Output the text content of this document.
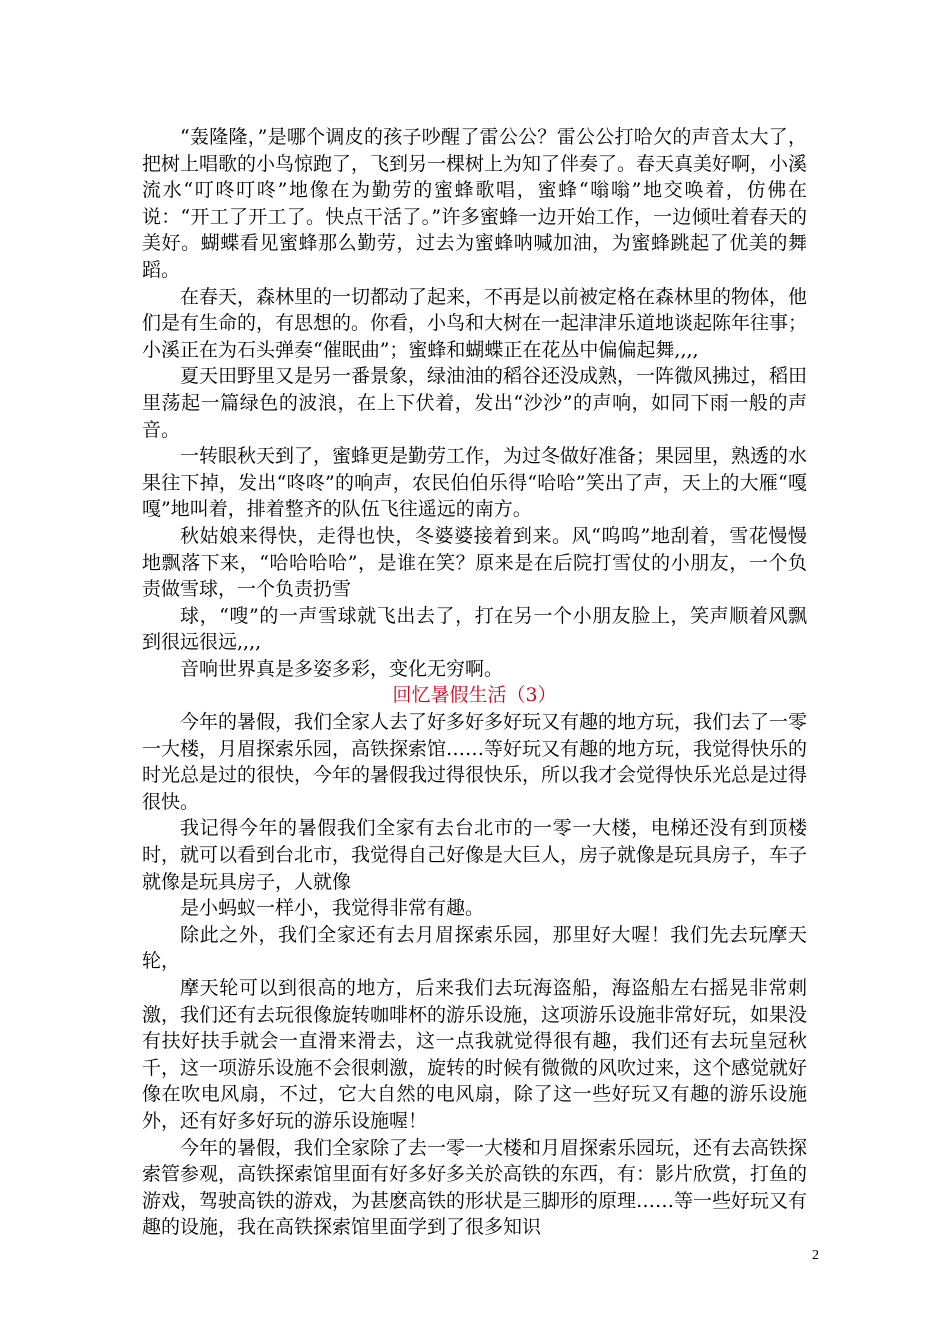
“轰隆隆，”是哪个调皮的孩子吵醒了雷公公？雷公公打哈欠的声音太大了，把树上唱歌的小鸟惊跑了，飞到另一棵树上为知了伴奏了。春天真美好啊，小溪流水“叮咚叮咚”地像在为勤劳的蜜蜂歌唱，蜜蜂“嗡嗡”地交唤着，仿佛在说：“开工了开工了。快点干活了。”许多蜜蜂一边开始工作，一边倾吐着春天的美好。蝴蝶看见蜜蜂那么勤劳，过去为蜜蜂呐喊加油，为蜜蜂跳起了优美的舞蹈。

在春天，森林里的一切都动了起来，不再是以前被定格在森林里的物体，他们是有生命的，有思想的。你看，小鸟和大树在一起津津乐道地谈起陈年往事；小溪正在为石头弹奏“催眠曲”；蜜蜂和蝴蝶正在花丛中偏偏起舞,,,,

夏天田野里又是另一番景象，绿油油的稻谷还没成熟，一阵微风拂过，稻田里荡起一篇绿色的波浪，在上下伏着，发出“沙沙”的声响，如同下雨一般的声音。

一转眼秋天到了，蜜蜂更是勤劳工作，为过冬做好准备；果园里，熟透的水果往下掉，发出“咚咚”的响声，农民伯伯乐得“哈哈”笑出了声，天上的大雁“嘎嘎”地叫着，排着整齐的队伍飞往遥远的南方。

秋姑娘来得快，走得也快，冬婆婆接着到来。风“呜呜”地刮着，雪花慢慢地飘落下来，“哈哈哈哈”，是谁在笑？原来是在后院打雪仗的小朋友，一个负责做雪球，一个负责扔雪

球，“嗖”的一声雪球就飞出去了，打在另一个小朋友脸上，笑声顺着风飘到很远很远,,,,

音响世界真是多姿多彩，变化无穷啊。

回忆暑假生活（3）

今年的暑假，我们全家人去了好多好多好玩又有趣的地方玩，我们去了一零一大楼，月眉探索乐园，高铁探索馆……等好玩又有趣的地方玩，我觉得快乐的时光总是过的很快，今年的暑假我过得很快乐，所以我才会觉得快乐光总是过得很快。

我记得今年的暑假我们全家有去台北市的一零一大楼，电梯还没有到顶楼时，就可以看到台北市，我觉得自己好像是大巨人，房子就像是玩具房子，车子就像是玩具房子，人就像

是小蚂蚁一样小，我觉得非常有趣。

除此之外，我们全家还有去月眉探索乐园，那里好大喔！我们先去玩摩天轮，

摩天轮可以到很高的地方，后来我们去玩海盗船，海盗船左右摇晃非常刺激，我们还有去玩很像旋转咖啡杯的游乐设施，这项游乐设施非常好玩，如果没有扶好扶手就会一直滑来滑去，这一点我就觉得很有趣，我们还有去玩皇冠秋千，这一项游乐设施不会很刺激，旋转的时候有微微的风吹过来，这个感觉就好像在吹电风扇，不过，它大自然的电风扇，除了这一些好玩又有趣的游乐设施外，还有好多好玩的游乐设施喔！

今年的暑假，我们全家除了去一零一大楼和月眉探索乐园玩，还有去高铁探索管参观，高铁探索馆里面有好多好多关於高铁的东西，有：影片欣赏，打鱼的游戏，驾驶高铁的游戏，为甚麽高铁的形状是三脚形的原理……等一些好玩又有趣的设施，我在高铁探索馆里面学到了很多知识

2
